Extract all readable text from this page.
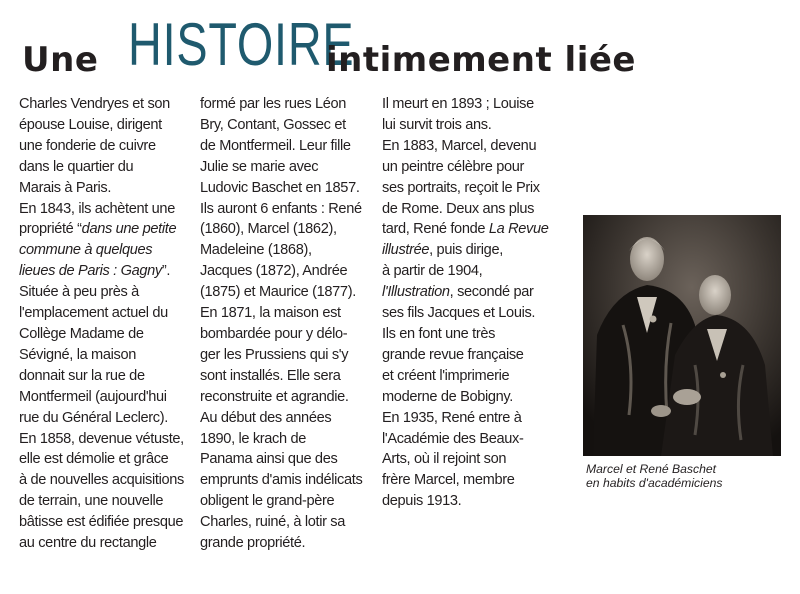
Une HISTOIRE
intimement liée
Charles Vendryes et son
épouse Louise, dirigent
une fonderie de cuivre
dans le quartier du
Marais à Paris.
En 1843, ils achètent une
propriété “dans une petite
commune à quelques
lieues de Paris : Gagny”.
Située à peu près à
l'emplacement actuel du
Collège Madame de
Sévigné, la maison
donnait sur la rue de
Montfermeil (aujourd'hui
rue du Général Leclerc).
En 1858, devenue vétuste,
elle est démolie et grâce
à de nouvelles acquisitions
de terrain, une nouvelle
bâtisse est édifiée presque
au centre du rectangle
formé par les rues Léon
Bry, Contant, Gossec et
de Montfermeil. Leur fille
Julie se marie avec
Ludovic Baschet en 1857.
Ils auront 6 enfants : René
(1860), Marcel (1862),
Madeleine (1868),
Jacques (1872), Andrée
(1875) et Maurice (1877).
En 1871, la maison est
bombardée pour y délo-
ger les Prussiens qui s'y
sont installés. Elle sera
reconstruite et agrandie.
Au début des années
1890, le krach de
Panama ainsi que des
emprunts d'amis indélicats
obligent le grand-père
Charles, ruiné, à lotir sa
grande propriété.
Il meurt en 1893 ; Louise
lui survit trois ans.
En 1883, Marcel, devenu
un peintre célèbre pour
ses portraits, reçoit le Prix
de Rome. Deux ans plus
tard, René fonde La Revue
illustrée, puis dirige,
à partir de 1904,
l'Illustration, secondé par
ses fils Jacques et Louis.
Ils en font une très
grande revue française
et créent l'imprimerie
moderne de Bobigny.
En 1935, René entre à
l'Académie des Beaux-
Arts, où il rejoint son
frère Marcel, membre
depuis 1913.
Marcel et René Baschet
en habits d'académiciens
